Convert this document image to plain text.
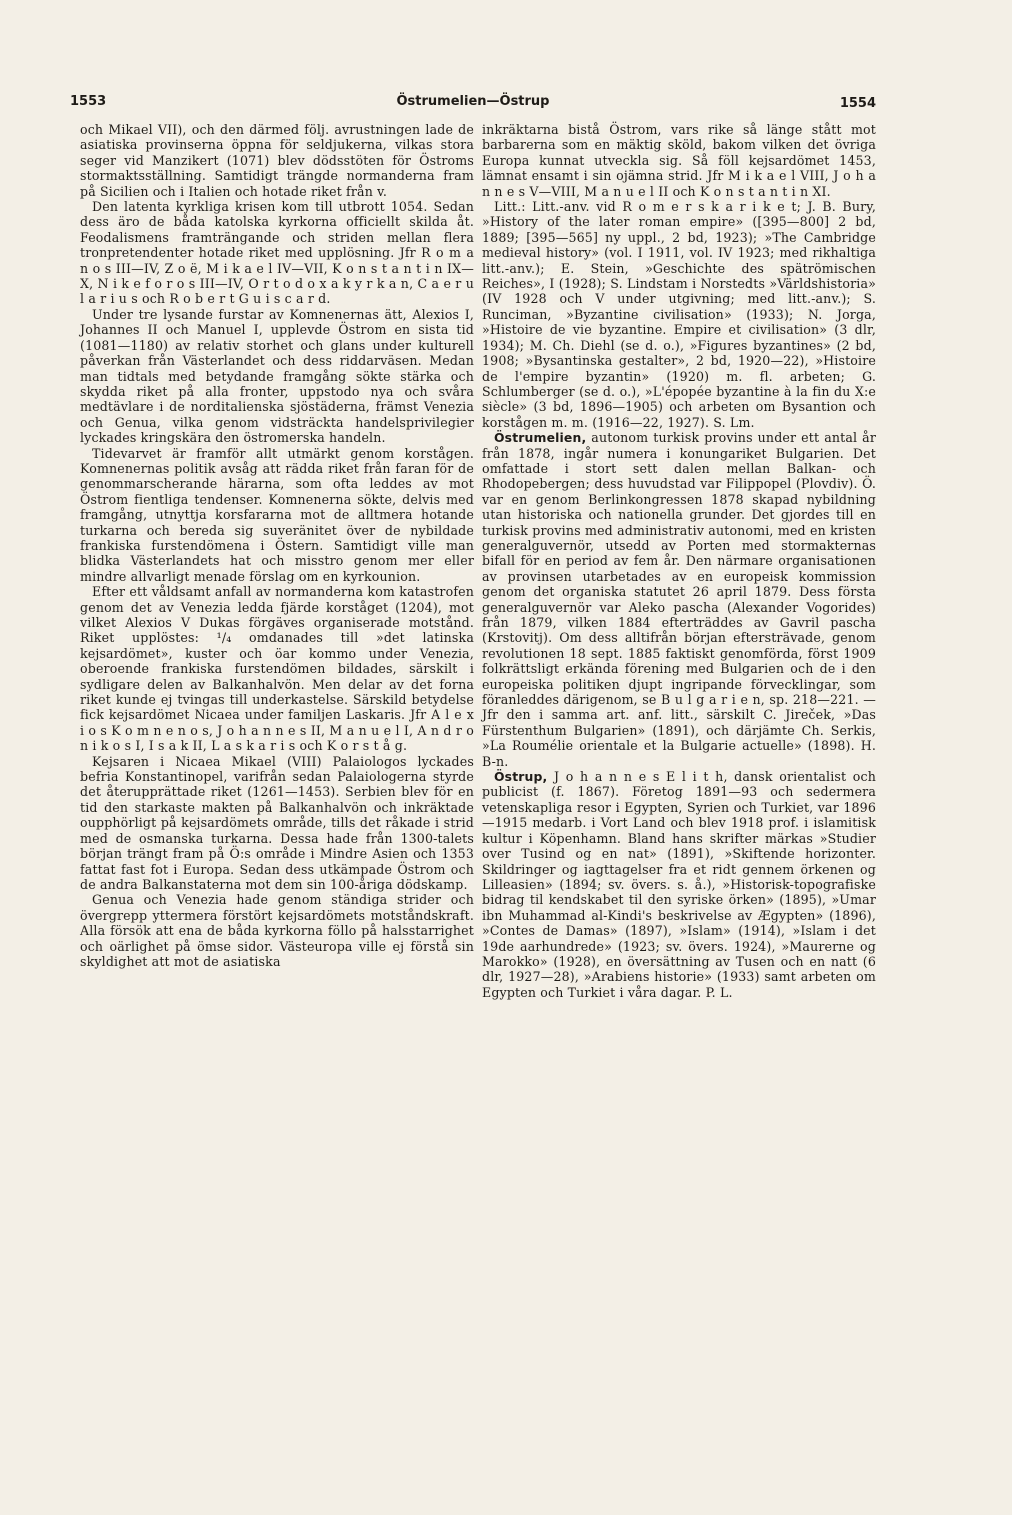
1553	Östrumelien—Östrup	1554

och Mikael VII), och den därmed följ. avrustningen lade de asiatiska provinserna öppna för seldjukerna, vilkas stora seger vid Manzikert (1071) blev dödsstöten för Östroms stormaktsställning. Samtidigt trängde normanderna fram på Sicilien och i Italien och hotade riket från v.

Den latenta kyrkliga krisen kom till utbrott 1054. Sedan dess äro de båda katolska kyrkorna officiellt skilda åt. Feodalismens framträngande och striden mellan flera tronpretendenter hotade riket med upplösning. Jfr R o m a n o s III—IV, Z o ë, M i k a e l IV—VII, K o n s t a n t i n IX—X, N i k e f o r o s III—IV, O r t o d o x a k y r k a n, C a e r u l a r i u s och R o b e r t G u i s c a r d.

Under tre lysande furstar av Komnenernas ätt, Alexios I, Johannes II och Manuel I, upplevde Östrom en sista tid (1081—1180) av relativ storhet och glans under kulturell påverkan från Västerlandet och dess riddarväsen. Medan man tidtals med betydande framgång sökte stärka och skydda riket på alla fronter, uppstodo nya och svåra medtävlare i de norditalienska sjöstäderna, främst Venezia och Genua, vilka genom vidsträckta handelsprivilegier lyckades kringskära den östromerska handeln.

Tidevarvet är framför allt utmärkt genom korstågen. Komnenernas politik avsåg att rädda riket från faran för de genommarscherande härarna, som ofta leddes av mot Östrom fientliga tendenser. Komnenerna sökte, delvis med framgång, utnyttja korsfararna mot de alltmera hotande turkarna och bereda sig suveränitet över de nybildade frankiska furstendömena i Östern. Samtidigt ville man blidka Västerlandets hat och misstro genom mer eller mindre allvarligt menade förslag om en kyrkounion.

Efter ett våldsamt anfall av normanderna kom katastrofen genom det av Venezia ledda fjärde korståget (1204), mot vilket Alexios V Dukas förgäves organiserade motstånd. Riket upplöstes: ¹/₄ omdanades till »det latinska kejsardömet», kuster och öar kommo under Venezia, oberoende frankiska furstendömen bildades, särskilt i sydligare delen av Balkanhalvön. Men delar av det forna riket kunde ej tvingas till underkastelse. Särskild betydelse fick kejsardömet Nicaea under familjen Laskaris. Jfr A l e x i o s K o m n e n o s, J o h a n n e s II, M a n u e l I, A n d r o n i k o s I, I s a k II, L a s k a r i s och K o r s t å g.

Kejsaren i Nicaea Mikael (VIII) Palaiologos lyckades befria Konstantinopel, varifrån sedan Palaiologerna styrde det återupprättade riket (1261—1453). Serbien blev för en tid den starkaste makten på Balkanhalvön och inkräktade oupphörligt på kejsardömets område, tills det råkade i strid med de osmanska turkarna. Dessa hade från 1300-talets början trängt fram på Ö:s område i Mindre Asien och 1353 fattat fast fot i Europa. Sedan dess utkämpade Östrom och de andra Balkanstaterna mot dem sin 100-åriga dödskamp.

Genua och Venezia hade genom ständiga strider och övergrepp yttermera förstört kejsardömets motståndskraft. Alla försök att ena de båda kyrkorna föllo på halsstarrighet och oärlighet på ömse sidor. Västeuropa ville ej förstå sin skyldighet att mot de asiatiska

inkräktarna bistå Östrom, vars rike så länge stått mot barbarerna som en mäktig sköld, bakom vilken det övriga Europa kunnat utveckla sig. Så föll kejsardömet 1453, lämnat ensamt i sin ojämna strid. Jfr M i k a e l VIII, J o h a n n e s V—VIII, M a n u e l II och K o n s t a n t i n XI.

Litt.: Litt.-anv. vid R o m e r s k a r i k e t; J. B. Bury, »History of the later roman empire» ([395—800] 2 bd, 1889; [395—565] ny uppl., 2 bd, 1923); »The Cambridge medieval history» (vol. I 1911, vol. IV 1923; med rikhaltiga litt.-anv.); E. Stein, »Geschichte des spätrömischen Reiches», I (1928); S. Lindstam i Norstedts »Världshistoria» (IV 1928 och V under utgivning; med litt.-anv.); S. Runciman, »Byzantine civilisation» (1933); N. Jorga, »Histoire de vie byzantine. Empire et civilisation» (3 dlr, 1934); M. Ch. Diehl (se d. o.), »Figures byzantines» (2 bd, 1908; »Bysantinska gestalter», 2 bd, 1920—22), »Histoire de l'empire byzantin» (1920) m. fl. arbeten; G. Schlumberger (se d. o.), »L'épopée byzantine à la fin du X:e siècle» (3 bd, 1896—1905) och arbeten om Bysantion och korstågen m. m. (1916—22, 1927). S. Lm.

Östrumelien, autonom turkisk provins under ett antal år från 1878, ingår numera i konungariket Bulgarien. Det omfattade i stort sett dalen mellan Balkan- och Rhodopebergen; dess huvudstad var Filippopel (Plovdiv). Ö. var en genom Berlinkongressen 1878 skapad nybildning utan historiska och nationella grunder. Det gjordes till en turkisk provins med administrativ autonomi, med en kristen generalguvernör, utsedd av Porten med stormakternas bifall för en period av fem år. Den närmare organisationen av provinsen utarbetades av en europeisk kommission genom det organiska statutet 26 april 1879. Dess första generalguvernör var Aleko pascha (Alexander Vogorides) från 1879, vilken 1884 efterträddes av Gavril pascha (Krstovitj). Om dess alltifrån början eftersträvade, genom revolutionen 18 sept. 1885 faktiskt genomförda, först 1909 folkrättsligt erkända förening med Bulgarien och de i den europeiska politiken djupt ingripande förvecklingar, som föranleddes därigenom, se B u l g a r i e n, sp. 218—221. — Jfr den i samma art. anf. litt., särskilt C. Jireček, »Das Fürstenthum Bulgarien» (1891), och därjämte Ch. Serkis, »La Roumélie orientale et la Bulgarie actuelle» (1898). H. B-n.

Östrup, J o h a n n e s E l i t h, dansk orientalist och publicist (f. 1867). Företog 1891—93 och sedermera vetenskapliga resor i Egypten, Syrien och Turkiet, var 1896—1915 medarb. i Vort Land och blev 1918 prof. i islamitisk kultur i Köpenhamn. Bland hans skrifter märkas »Studier over Tusind og en nat» (1891), »Skiftende horizonter. Skildringer og iagttagelser fra et ridt gennem örkenen og Lilleasien» (1894; sv. övers. s. å.), »Historisk-topografiske bidrag til kendskabet til den syriske örken» (1895), »Umar ibn Muhammad al-Kindi's beskrivelse av Ægypten» (1896), »Contes de Damas» (1897), »Islam» (1914), »Islam i det 19de aarhundrede» (1923; sv. övers. 1924), »Maurerne og Marokko» (1928), en översättning av Tusen och en natt (6 dlr, 1927—28), »Arabiens historie» (1933) samt arbeten om Egypten och Turkiet i våra dagar. P. L.
